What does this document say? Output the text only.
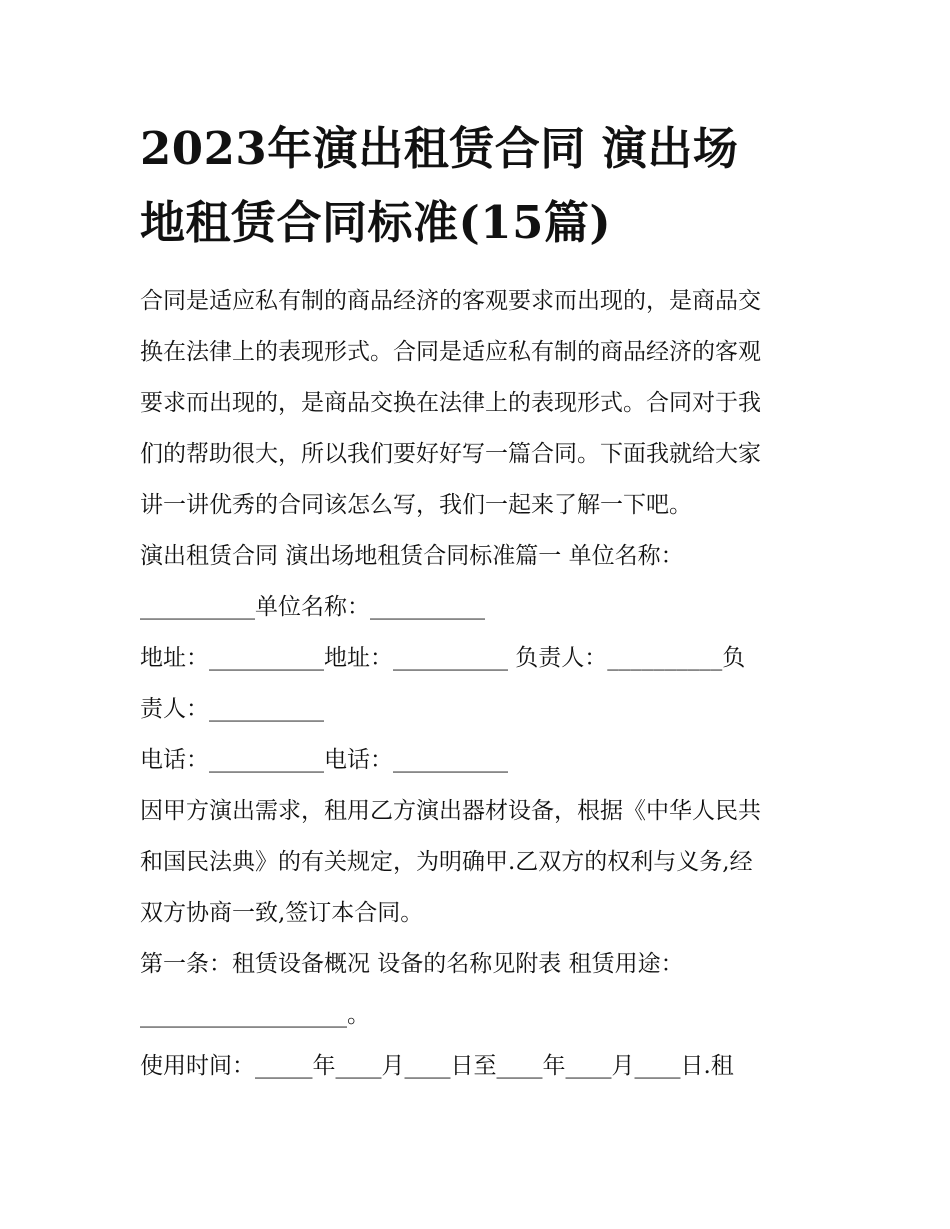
2023年演出租赁合同 演出场
地租赁合同标准(15篇)
合同是适应私有制的商品经济的客观要求而出现的，是商品交
换在法律上的表现形式。合同是适应私有制的商品经济的客观
要求而出现的，是商品交换在法律上的表现形式。合同对于我
们的帮助很大，所以我们要好好写一篇合同。下面我就给大家
讲一讲优秀的合同该怎么写，我们一起来了解一下吧。
演出租赁合同 演出场地租赁合同标准篇一 单位名称：
__________单位名称：__________
地址：__________地址：__________ 负责人：__________负
责人：__________
电话：__________电话：__________
因甲方演出需求，租用乙方演出器材设备，根据《中华人民共
和国民法典》的有关规定，为明确甲.乙双方的权利与义务,经
双方协商一致,签订本合同。
第一条：租赁设备概况 设备的名称见附表 租赁用途：
__________________。
使用时间：_____年____月____日至____年____月____日.租
